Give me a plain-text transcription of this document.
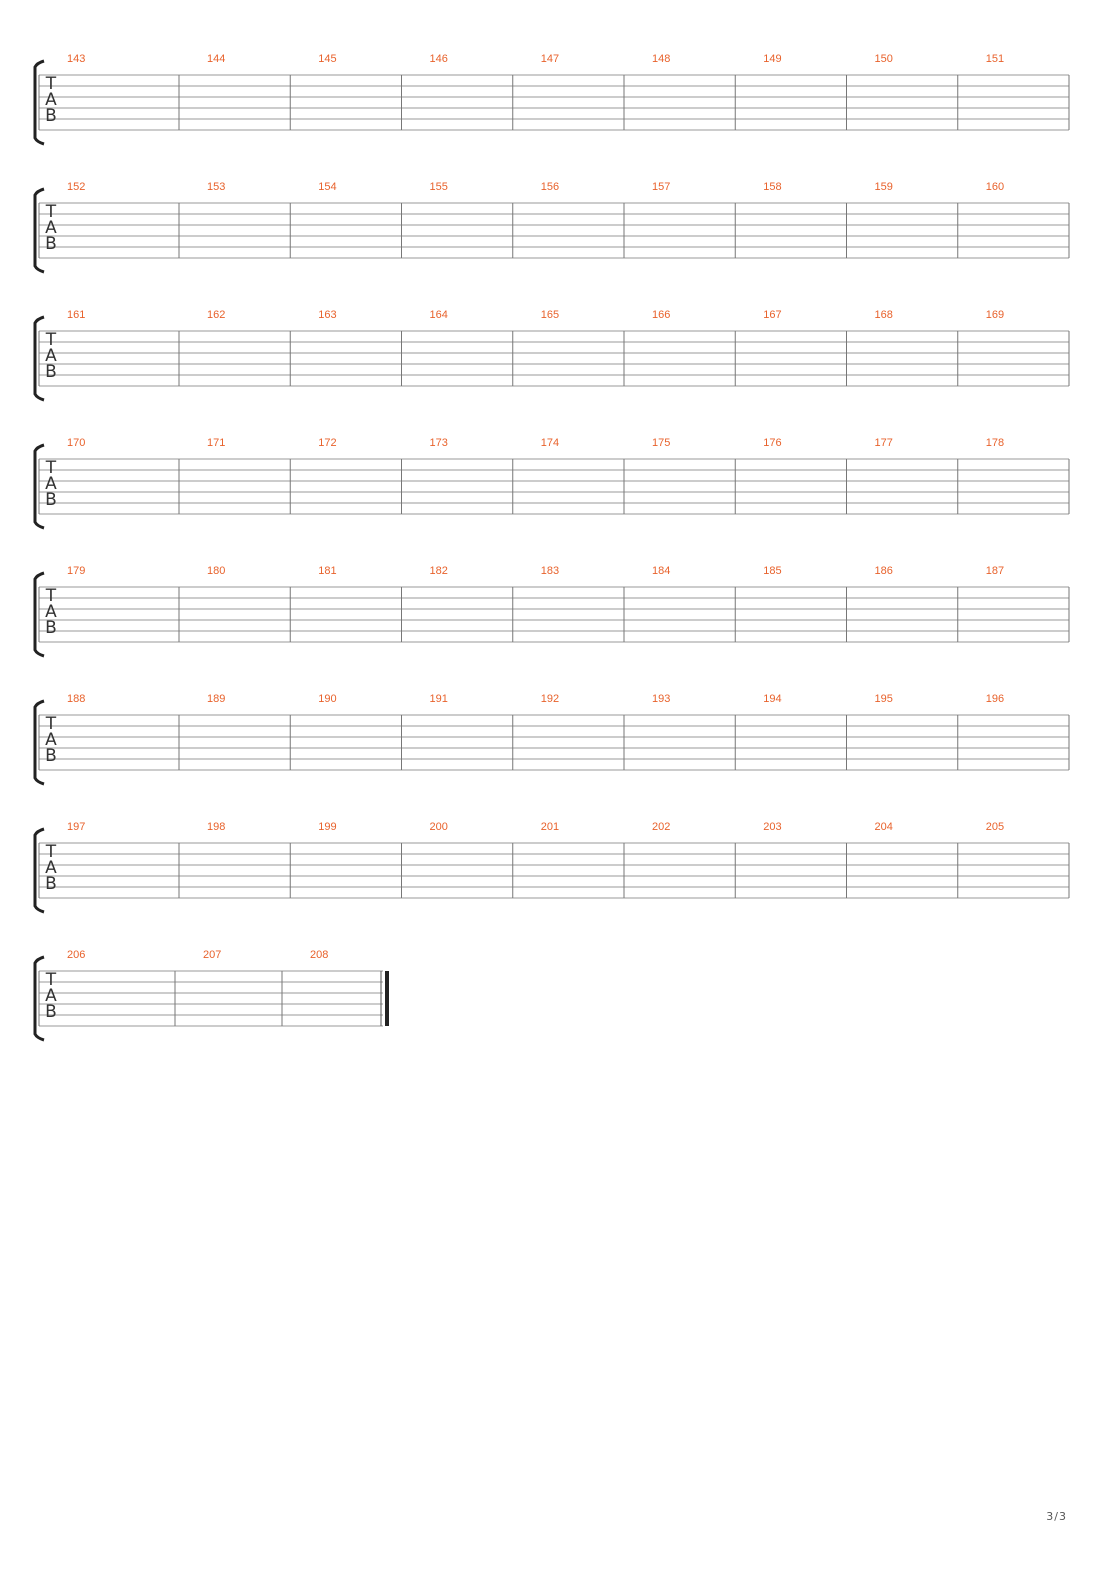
T
A
B
143	144	145	146	147	148	149	150	151
T
A
B
152	153	154	155	156	157	158	159	160
T
A
B
161	162	163	164	165	166	167	168	169
T
A
B
170	171	172	173	174	175	176	177	178
T
A
B
179	180	181	182	183	184	185	186	187
T
A
B
188	189	190	191	192	193	194	195	196
T
A
B
197	198	199	200	201	202	203	204	205
T
A
B
206	207	208
3/3
